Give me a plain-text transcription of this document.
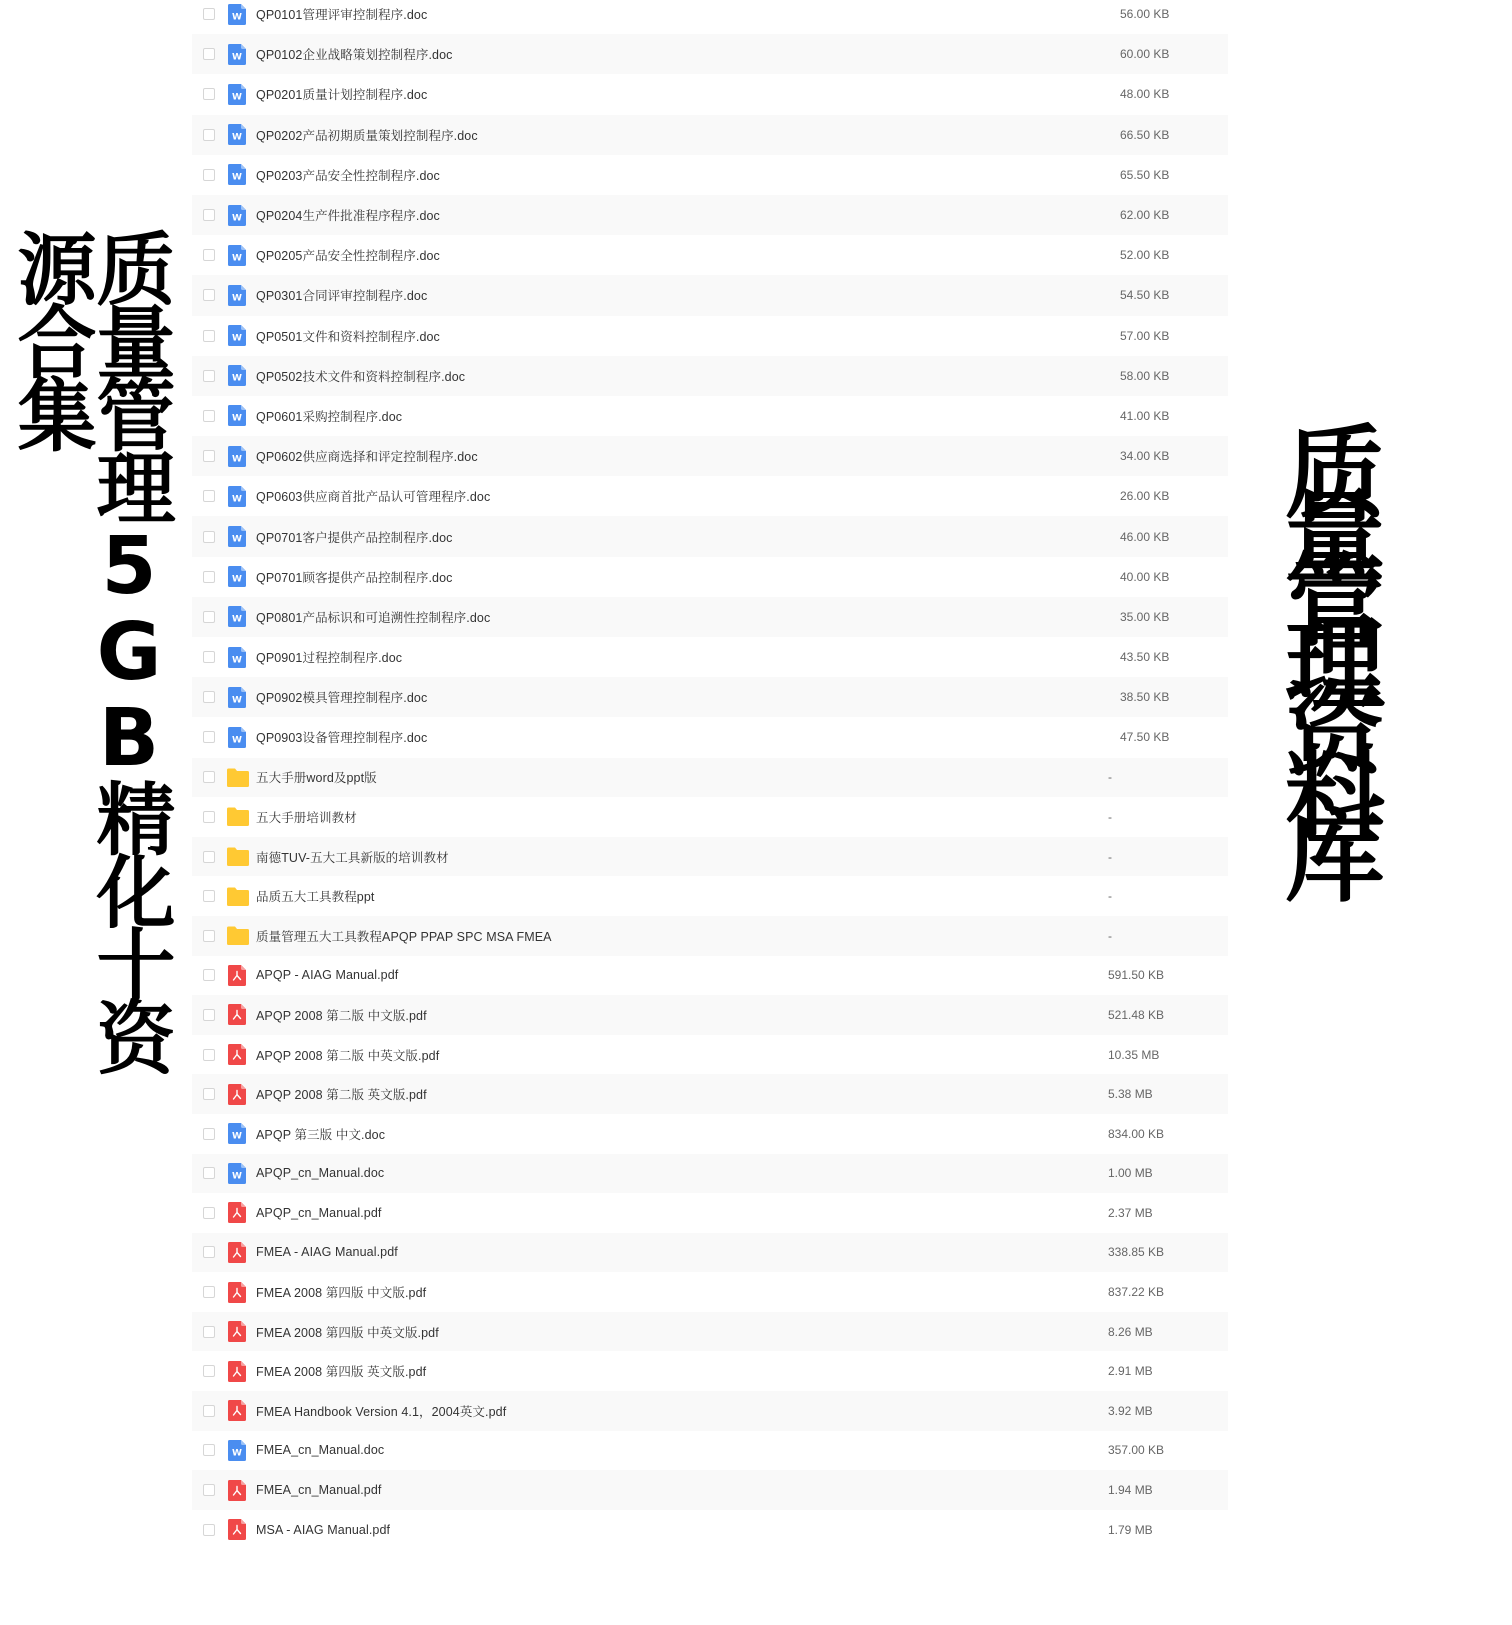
质量管理5GB精化十资源合集
质量管理资料库
W QP0101管理评审控制程序.doc	56.00 KB
W QP0102企业战略策划控制程序.doc	60.00 KB
W QP0201质量计划控制程序.doc	48.00 KB
W QP0202产品初期质量策划控制程序.doc	66.50 KB
W QP0203产品安全性控制程序.doc	65.50 KB
W QP0204生产件批准程序程序.doc	62.00 KB
W QP0205产品安全性控制程序.doc	52.00 KB
W QP0301合同评审控制程序.doc	54.50 KB
W QP0501文件和资料控制程序.doc	57.00 KB
W QP0502技术文件和资料控制程序.doc	58.00 KB
W QP0601采购控制程序.doc	41.00 KB
W QP0602供应商选择和评定控制程序.doc	34.00 KB
W QP0603供应商首批产品认可管理程序.doc	26.00 KB
W QP0701客户提供产品控制程序.doc	46.00 KB
W QP0701顾客提供产品控制程序.doc	40.00 KB
W QP0801产品标识和可追溯性控制程序.doc	35.00 KB
W QP0901过程控制程序.doc	43.50 KB
W QP0902模具管理控制程序.doc	38.50 KB
W QP0903设备管理控制程序.doc	47.50 KB
五大手册word及ppt版	-
五大手册培训教材	-
南德TUV-五大工具新版的培训教材	-
品质五大工具教程ppt	-
质量管理五大工具教程APQP PPAP SPC MSA FMEA	-
APQP - AIAG Manual.pdf	591.50 KB
APQP 2008 第二版 中文版.pdf	521.48 KB
APQP 2008 第二版 中英文版.pdf	10.35 MB
APQP 2008 第二版 英文版.pdf	5.38 MB
W APQP 第三版 中文.doc	834.00 KB
W APQP_cn_Manual.doc	1.00 MB
APQP_cn_Manual.pdf	2.37 MB
FMEA - AIAG Manual.pdf	338.85 KB
FMEA 2008 第四版 中文版.pdf	837.22 KB
FMEA 2008 第四版 中英文版.pdf	8.26 MB
FMEA 2008 第四版 英文版.pdf	2.91 MB
FMEA Handbook Version 4.1，2004英文.pdf	3.92 MB
W FMEA_cn_Manual.doc	357.00 KB
FMEA_cn_Manual.pdf	1.94 MB
MSA - AIAG Manual.pdf	1.79 MB
